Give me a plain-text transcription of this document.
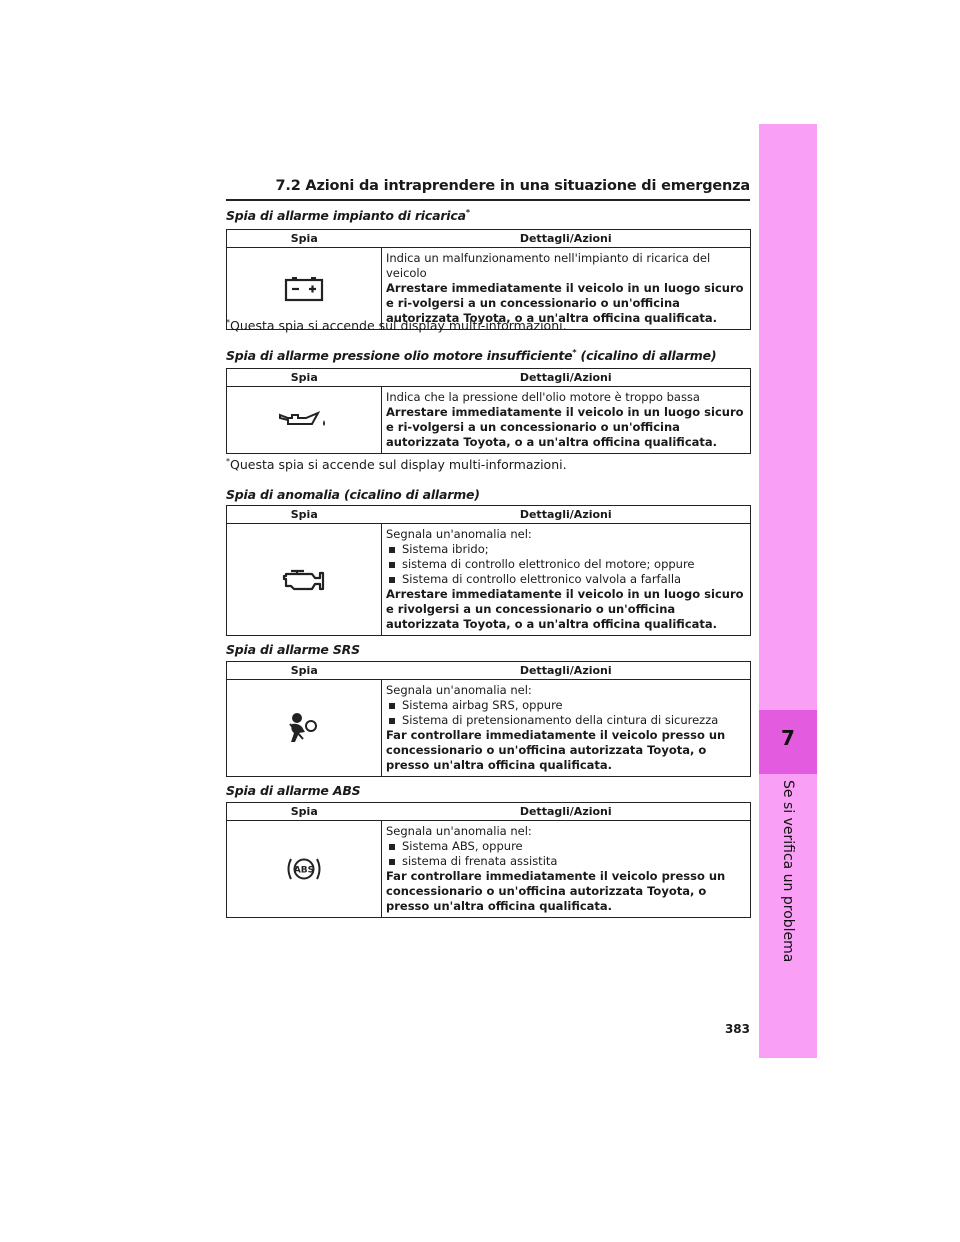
7.2 Azioni da intraprendere in una situazione di emergenza
7
Se si verifica un problema
Spia di allarme impianto di ricarica*
Spia	Dettagli/Azioni

Indica un malfunzionamento nell'impianto di ricarica del veicolo
Arrestare immediatamente il veicolo in un luogo sicuro e ri-volgersi a un concessionario o un'officina autorizzata Toyota, o a un'altra officina qualificata.
*Questa spia si accende sul display multi-informazioni.
Spia di allarme pressione olio motore insufficiente* (cicalino di allarme)
Spia	Dettagli/Azioni

Indica che la pressione dell'olio motore è troppo bassa
Arrestare immediatamente il veicolo in un luogo sicuro e ri-volgersi a un concessionario o un'officina autorizzata Toyota, o a un'altra officina qualificata.
*Questa spia si accende sul display multi-informazioni.
Spia di anomalia (cicalino di allarme)
Spia	Dettagli/Azioni

Segnala un'anomalia nel:
Sistema ibrido;
sistema di controllo elettronico del motore; oppure
Sistema di controllo elettronico valvola a farfalla
Arrestare immediatamente il veicolo in un luogo sicuro e rivolgersi a un concessionario o un'officina autorizzata Toyota, o a un'altra officina qualificata.
Spia di allarme SRS
Spia	Dettagli/Azioni

Segnala un'anomalia nel:
Sistema airbag SRS, oppure
Sistema di pretensionamento della cintura di sicurezza
Far controllare immediatamente il veicolo presso un concessionario o un'officina autorizzata Toyota, o presso un'altra officina qualificata.
Spia di allarme ABS
Spia	Dettagli/Azioni

ABS	Segnala un'anomalia nel:
Sistema ABS, oppure
sistema di frenata assistita
Far controllare immediatamente il veicolo presso un concessionario o un'officina autorizzata Toyota, o presso un'altra officina qualificata.
383
